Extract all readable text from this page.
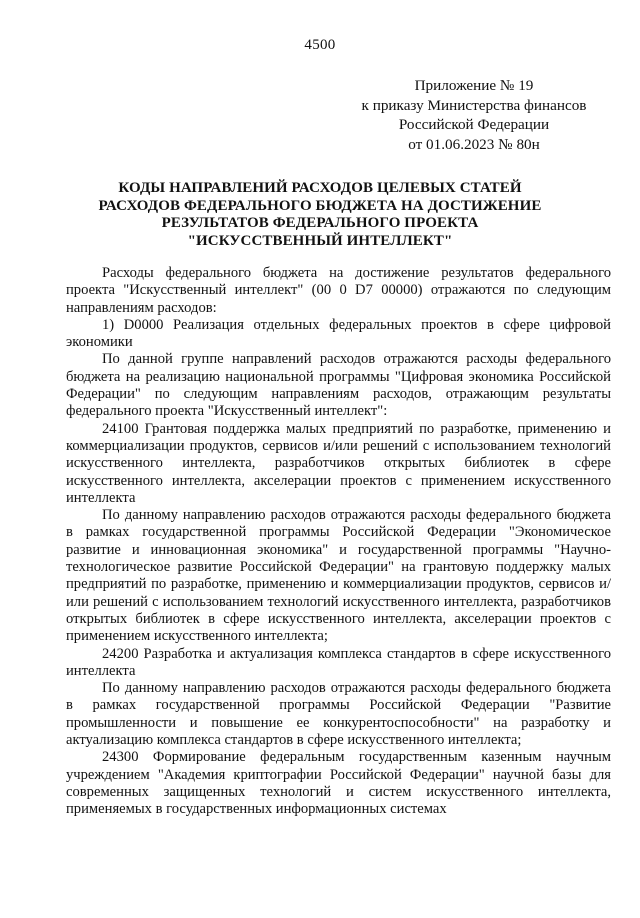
4500
Приложение № 19
к приказу Министерства финансов
Российской Федерации
от 01.06.2023 № 80н
КОДЫ НАПРАВЛЕНИЙ РАСХОДОВ ЦЕЛЕВЫХ СТАТЕЙ
РАСХОДОВ ФЕДЕРАЛЬНОГО БЮДЖЕТА НА ДОСТИЖЕНИЕ
РЕЗУЛЬТАТОВ ФЕДЕРАЛЬНОГО ПРОЕКТА
"ИСКУССТВЕННЫЙ ИНТЕЛЛЕКТ"

Расходы федерального бюджета на достижение результатов федерального проекта "Искусственный интеллект" (00 0 D7 00000) отражаются по следующим направлениям расходов:

1) D0000 Реализация отдельных федеральных проектов в сфере цифровой экономики

По данной группе направлений расходов отражаются расходы федерального бюджета на реализацию национальной программы "Цифровая экономика Российской Федерации" по следующим направлениям расходов, отражающим результаты федерального проекта "Искусственный интеллект":

24100 Грантовая поддержка малых предприятий по разработке, применению и коммерциализации продуктов, сервисов и/или решений с использованием технологий искусственного интеллекта, разработчиков открытых библиотек в сфере искусственного интеллекта, акселерации проектов с применением искусственного интеллекта

По данному направлению расходов отражаются расходы федерального бюджета в рамках государственной программы Российской Федерации "Экономическое развитие и инновационная экономика" и государственной программы "Научно-технологическое развитие Российской Федерации" на грантовую поддержку малых предприятий по разработке, применению и коммерциализации продуктов, сервисов и/или решений с использованием технологий искусственного интеллекта, разработчиков открытых библиотек в сфере искусственного интеллекта, акселерации проектов с применением искусственного интеллекта;

24200 Разработка и актуализация комплекса стандартов в сфере искусственного интеллекта

По данному направлению расходов отражаются расходы федерального бюджета в рамках государственной программы Российской Федерации "Развитие промышленности и повышение ее конкурентоспособности" на разработку и актуализацию комплекса стандартов в сфере искусственного интеллекта;

24300 Формирование федеральным государственным казенным научным учреждением "Академия криптографии Российской Федерации" научной базы для современных защищенных технологий и систем искусственного интеллекта, применяемых в государственных информационных системах
